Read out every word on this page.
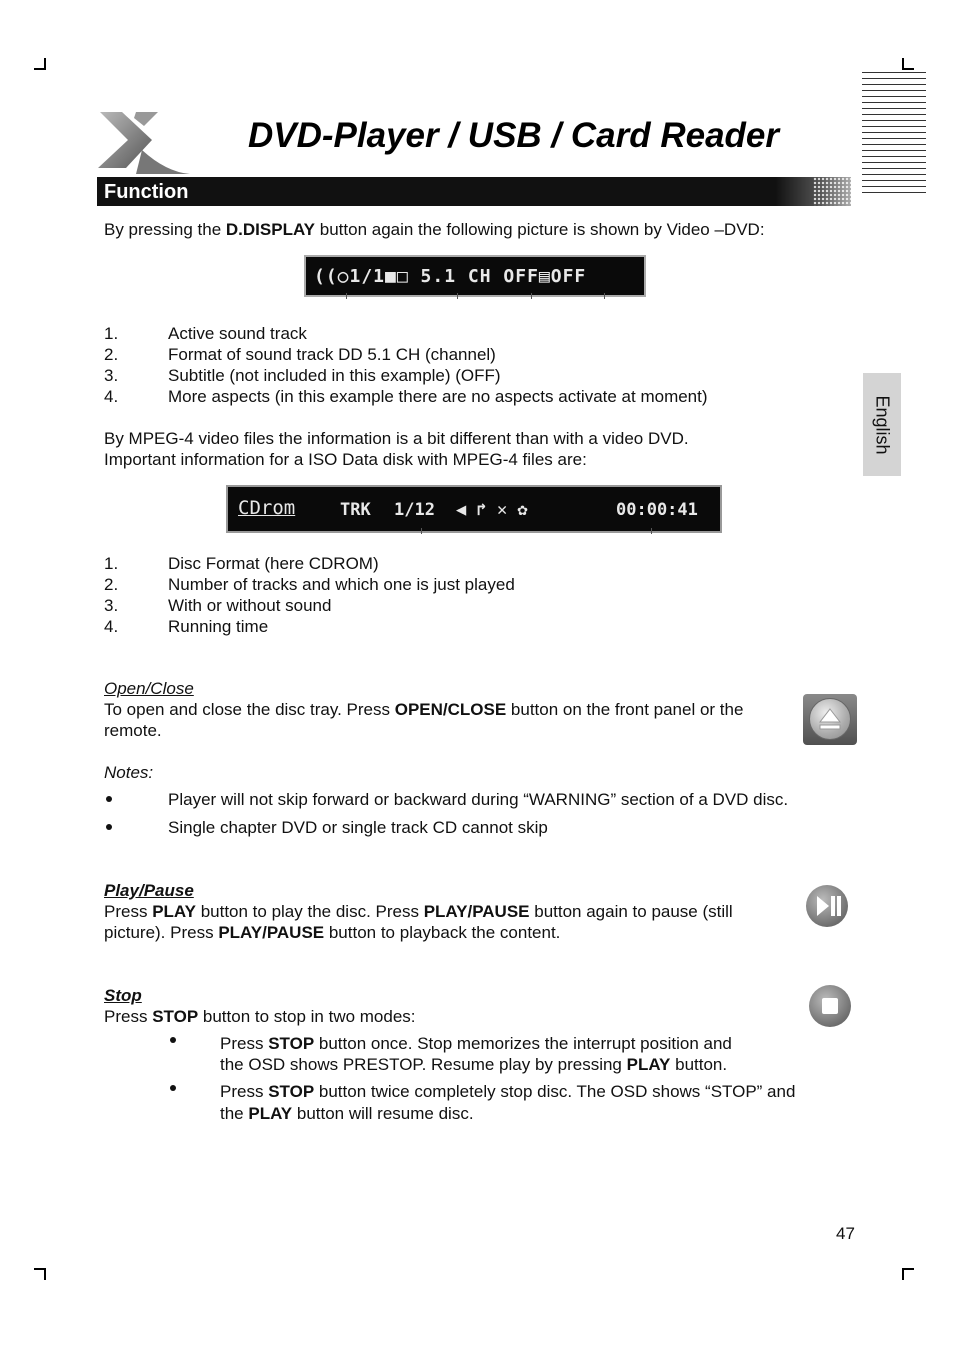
DVD-Player / USB / Card Reader
Function
English

By pressing the D.DISPLAY button again the following picture is shown by Video –DVD:

((○1/1■□ 5.1 CH OFF▤OFF
1.	Active sound track
2.	Format of sound track DD 5.1 CH (channel)
3.	Subtitle (not included in this example) (OFF)
4.	More aspects (in this example there are no aspects activate at moment)

By MPEG-4 video files the information is a bit different than with a video DVD.

Important information for a ISO Data disk with MPEG-4 files are:

CDrom	TRK 1/12 ◀ ↱ ✕ ✿	00:00:41
1.	Disc Format (here CDROM)
2.	Number of tracks and which one is just played
3.	With or without sound
4.	Running time

Open/Close

To open and close the disc tray. Press OPEN/CLOSE button on the front panel or the

remote.

Notes:

Player will not skip forward or backward during “WARNING” section of a DVD disc.

Single chapter DVD or single track CD cannot skip

Play/Pause

Press PLAY button to play the disc. Press PLAY/PAUSE button again to pause (still

picture). Press PLAY/PAUSE button to playback the content.

Stop

Press STOP button to stop in two modes:

Press STOP button once. Stop memorizes the interrupt position and

the OSD shows PRESTOP. Resume play by pressing PLAY button.

Press STOP button twice completely stop disc. The OSD shows “STOP” and

the PLAY button will resume disc.

47
